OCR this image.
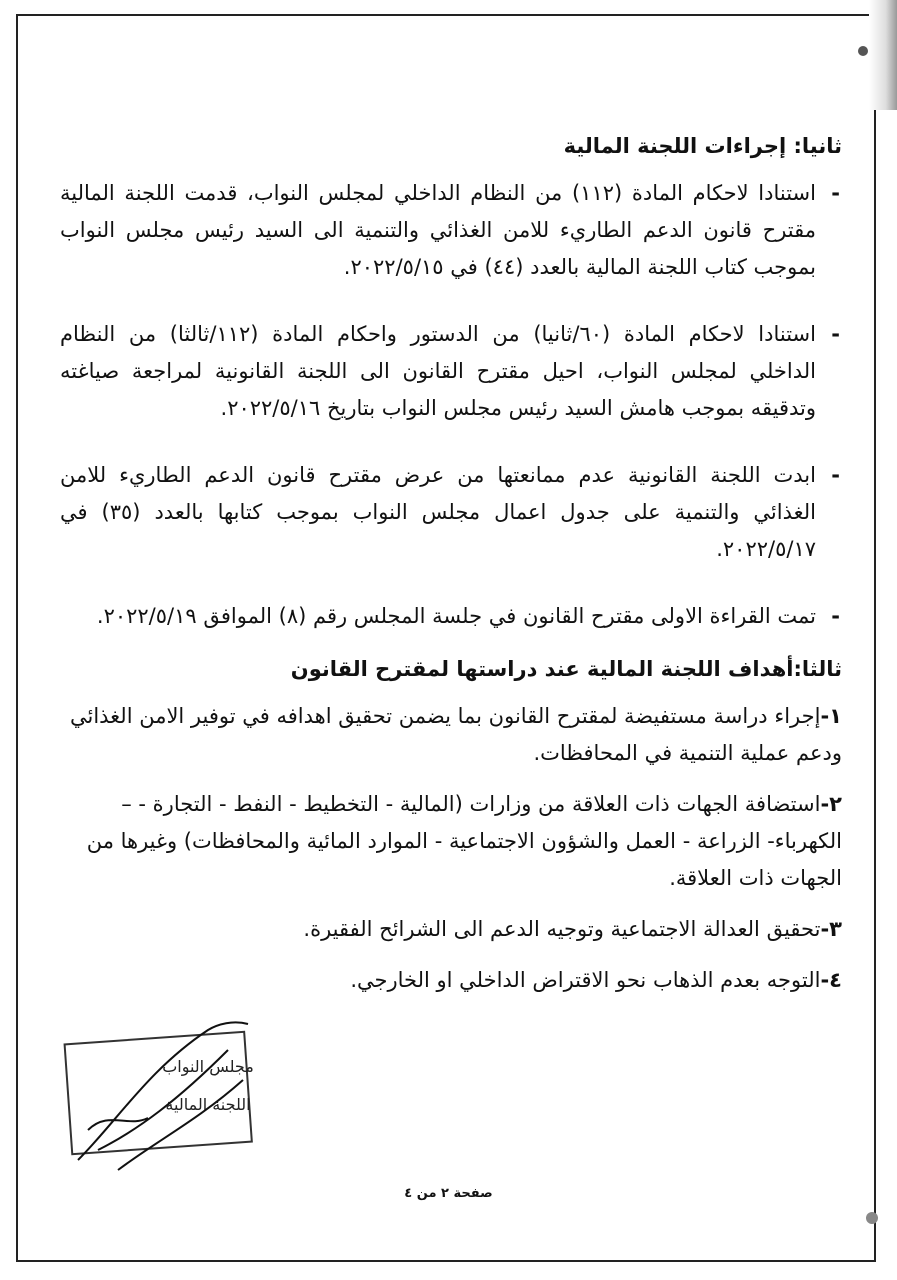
ثانيا: إجراءات اللجنة المالية
- استنادا لاحكام المادة (١١٢) من النظام الداخلي لمجلس النواب، قدمت اللجنة المالية مقترح قانون الدعم الطاريء للامن الغذائي والتنمية الى السيد رئيس مجلس النواب بموجب كتاب اللجنة المالية بالعدد (٤٤) في ٢٠٢٢/٥/١٥.
- استنادا لاحكام المادة (٦٠/ثانيا) من الدستور واحكام المادة (١١٢/ثالثا) من النظام الداخلي لمجلس النواب، احيل مقترح القانون الى اللجنة القانونية لمراجعة صياغته وتدقيقه بموجب هامش السيد رئيس مجلس النواب بتاريخ ٢٠٢٢/٥/١٦.
- ابدت اللجنة القانونية عدم ممانعتها من عرض مقترح قانون الدعم الطاريء للامن الغذائي والتنمية على جدول اعمال مجلس النواب بموجب كتابها بالعدد (٣٥) في ٢٠٢٢/٥/١٧.
- تمت القراءة الاولى مقترح القانون في جلسة المجلس رقم (٨) الموافق ٢٠٢٢/٥/١٩.
ثالثا:أهداف اللجنة المالية عند دراستها لمقترح القانون
١-إجراء دراسة مستفيضة لمقترح القانون بما يضمن تحقيق اهدافه في توفير الامن الغذائي ودعم عملية التنمية في المحافظات.
٢-استضافة الجهات ذات العلاقة من وزارات (المالية - التخطيط - النفط - التجارة - – الكهرباء- الزراعة - العمل والشؤون الاجتماعية - الموارد المائية والمحافظات) وغيرها من الجهات ذات العلاقة.
٣-تحقيق العدالة الاجتماعية وتوجيه الدعم الى الشرائح الفقيرة.
٤-التوجه بعدم الذهاب نحو الاقتراض الداخلي او الخارجي.
مجلس النواب
اللجنة المالية
صفحة ٢ من ٤
